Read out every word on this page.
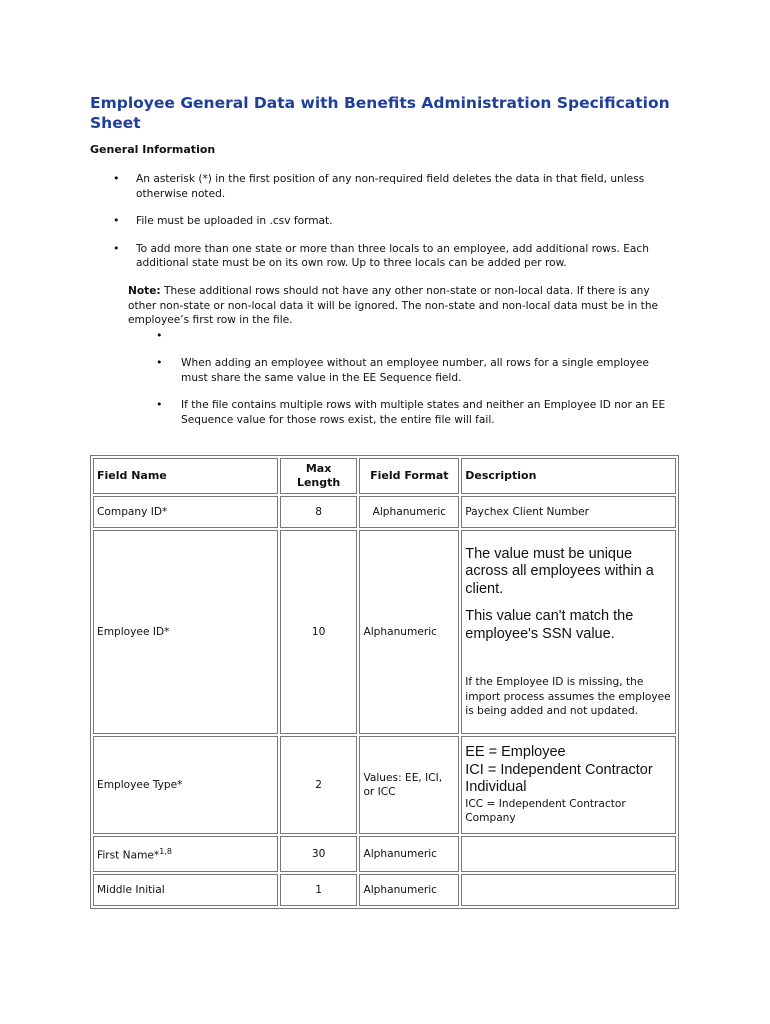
Employee General Data with Benefits Administration Specification Sheet
General Information
• An asterisk (*) in the first position of any non-required field deletes the data in that field, unless otherwise noted.
• File must be uploaded in .csv format.
• To add more than one state or more than three locals to an employee, add additional rows. Each additional state must be on its own row. Up to three locals can be added per row.

Note: These additional rows should not have any other non-state or non-local data. If there is any other non-state or non-local data it will be ignored. The non-state and non-local data must be in the employee’s first row in the file.

•
• When adding an employee without an employee number, all rows for a single employee must share the same value in the EE Sequence field.
• If the file contains multiple rows with multiple states and neither an Employee ID nor an EE Sequence value for those rows exist, the entire file will fail.
Field Name	Max Length	Field Format	Description
Company ID*	8	Alphanumeric	Paychex Client Number
Employee ID*	10	Alphanumeric	The value must be unique across all employees within a client.

This value can't match the employee's SSN value.

If the Employee ID is missing, the import process assumes the employee is being added and not updated.

Employee Type*	2	Values: EE, ICI, or ICC	EE = Employee

ICI = Independent Contractor Individual

ICC = Independent Contractor Company

First Name*$^{1,8}$	30	Alphanumeric	
Middle Initial	1	Alphanumeric	
